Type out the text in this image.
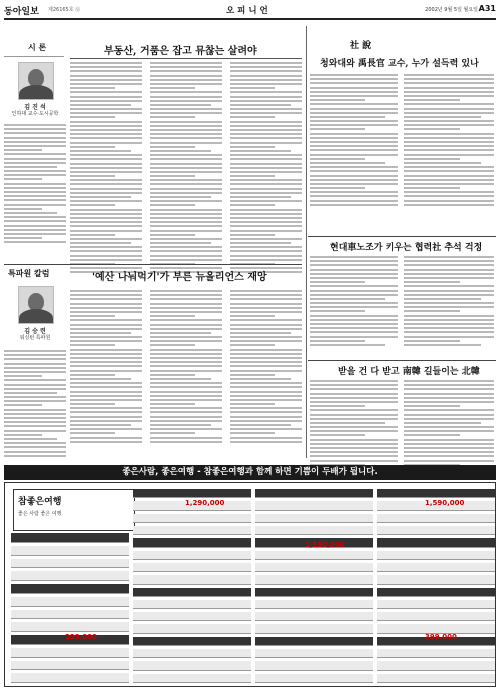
동아일보 제26165호 ㉭	오 피 니 언	2002년 9월 5일 월요일 A31
시 론
김 진 석
인하대 교수·도시공학
부동산, 거품은 잡고 뮤찮는 살려야
특파원 칼럼
김 승 련
워싱턴 특파원
'예산 나눠먹기'가 부른 뉴올리언스 재앙
社 說
청와대와 禹長官 교수, 누가 설득력 있나
현대車노조가 키우는 협력社 추석 걱정
받을 건 다 받고 南韓 길들이는 北韓
좋은사람, 좋은여행 - 참좋은여행과 함께 하면 기쁨이 두배가 됩니다.
참좋은여행
좋은 사람 좋은 여행
1,290,000
1,190,000
1,590,000
399,000
299,000
